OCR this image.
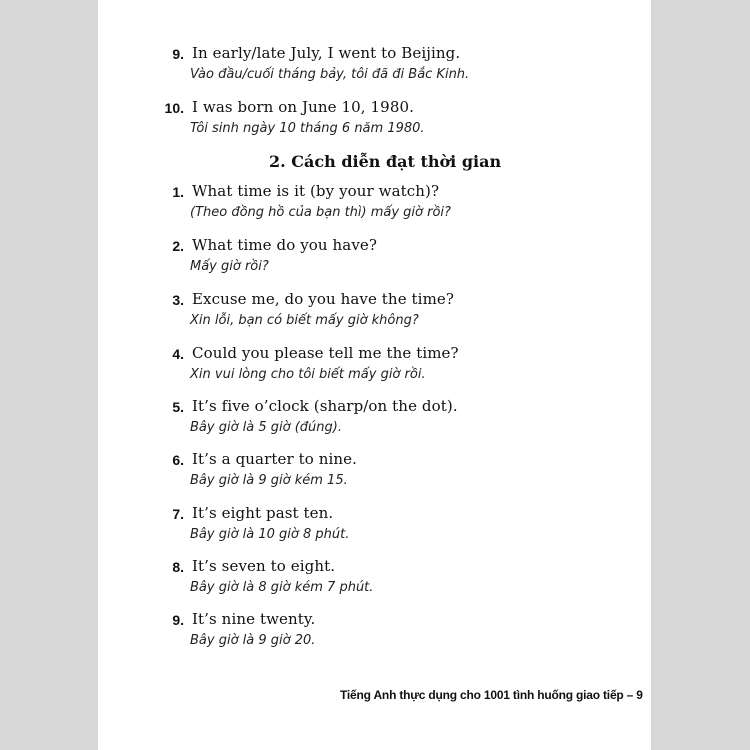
9. In early/late July, I went to Beijing.
Vào đầu/cuối tháng bảy, tôi đã đi Bắc Kinh.
10. I was born on June 10, 1980.
Tôi sinh ngày 10 tháng 6 năm 1980.
2. Cách diễn đạt thời gian
1. What time is it (by your watch)?
(Theo đồng hồ của bạn thì) mấy giờ rồi?
2. What time do you have?
Mấy giờ rồi?
3. Excuse me, do you have the time?
Xin lỗi, bạn có biết mấy giờ không?
4. Could you please tell me the time?
Xin vui lòng cho tôi biết mấy giờ rồi.
5. It’s five o’clock (sharp/on the dot).
Bây giờ là 5 giờ (đúng).
6. It’s a quarter to nine.
Bây giờ là 9 giờ kém 15.
7. It’s eight past ten.
Bây giờ là 10 giờ 8 phút.
8. It’s seven to eight.
Bây giờ là 8 giờ kém 7 phút.
9. It’s nine twenty.
Bây giờ là 9 giờ 20.
Tiếng Anh thực dụng cho 1001 tình huống giao tiếp – 9
